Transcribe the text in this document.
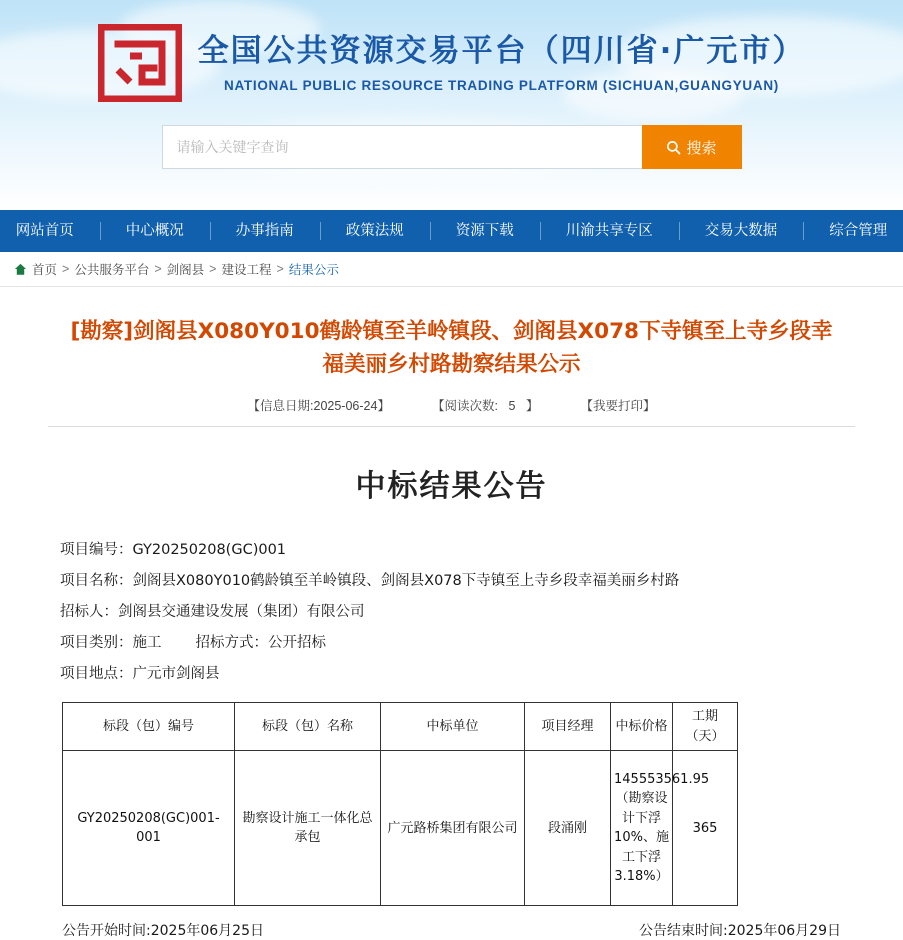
全国公共资源交易平台（四川省·广元市）
NATIONAL PUBLIC RESOURCE TRADING PLATFORM (SICHUAN,GUANGYUAN)
请输入关键字查询
搜索
网站首页	中心概况	办事指南	政策法规	资源下载	川渝共享专区	交易大数据	综合管理
首页 > 公共服务平台 > 剑阁县 > 建设工程 > 结果公示
[勘察]剑阁县X080Y010鹤龄镇至羊岭镇段、剑阁县X078下寺镇至上寺乡段幸福美丽乡村路勘察结果公示
【信息日期:2025-06-24】	【阅读次数: 5 】	【我要打印】
中标结果公告
项目编号：GY20250208(GC)001
项目名称：剑阁县X080Y010鹤龄镇至羊岭镇段、剑阁县X078下寺镇至上寺乡段幸福美丽乡村路
招标人：剑阁县交通建设发展（集团）有限公司
项目类别：施工 招标方式：公开招标
项目地点：广元市剑阁县
标段（包）编号	标段（包）名称	中标单位	项目经理	中标价格	工期（天）
GY20250208(GC)001-001	勘察设计施工一体化总承包	广元路桥集团有限公司	段涌刚	145553561.95（勘察设计下浮10%、施工下浮3.18%）	365
公告开始时间:2025年06月25日	公告结束时间:2025年06月29日
